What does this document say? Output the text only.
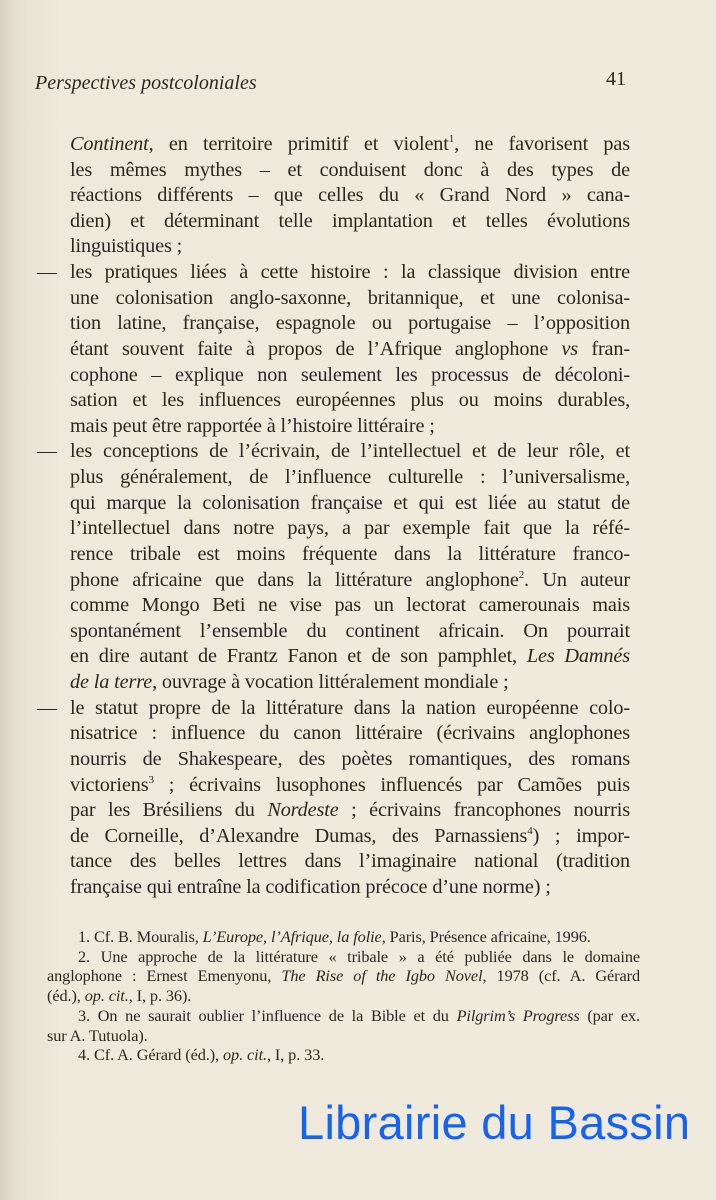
Perspectives postcoloniales	41
Continent, en territoire primitif et violent$^1$, ne favorisent pas
les mêmes mythes – et conduisent donc à des types de
réactions différents – que celles du « Grand Nord » cana-
dien) et déterminant telle implantation et telles évolutions
linguistiques ;
les pratiques liées à cette histoire : la classique division entre
—
une colonisation anglo-saxonne, britannique, et une colonisa-
tion latine, française, espagnole ou portugaise – l’opposition
étant souvent faite à propos de l’Afrique anglophone vs fran-
cophone – explique non seulement les processus de décoloni-
sation et les influences européennes plus ou moins durables,
mais peut être rapportée à l’histoire littéraire ;
les conceptions de l’écrivain, de l’intellectuel et de leur rôle, et
—
plus généralement, de l’influence culturelle : l’universalisme,
qui marque la colonisation française et qui est liée au statut de
l’intellectuel dans notre pays, a par exemple fait que la réfé-
rence tribale est moins fréquente dans la littérature franco-
phone africaine que dans la littérature anglophone$^2$. Un auteur
comme Mongo Beti ne vise pas un lectorat camerounais mais
spontanément l’ensemble du continent africain. On pourrait
en dire autant de Frantz Fanon et de son pamphlet, Les Damnés
de la terre, ouvrage à vocation littéralement mondiale ;
le statut propre de la littérature dans la nation européenne colo-
—
nisatrice : influence du canon littéraire (écrivains anglophones
nourris de Shakespeare, des poètes romantiques, des romans
victoriens$^3$ ; écrivains lusophones influencés par Camões puis
par les Brésiliens du Nordeste ; écrivains francophones nourris
de Corneille, d’Alexandre Dumas, des Parnassiens$^4$) ; impor-
tance des belles lettres dans l’imaginaire national (tradition
française qui entraîne la codification précoce d’une norme) ;
1. Cf. B. Mouralis, L’Europe, l’Afrique, la folie, Paris, Présence africaine, 1996.
2. Une approche de la littérature « tribale » a été publiée dans le domaine
anglophone : Ernest Emenyonu, The Rise of the Igbo Novel, 1978 (cf. A. Gérard
(éd.), op. cit., I, p. 36).
3. On ne saurait oublier l’influence de la Bible et du Pilgrim’s Progress (par ex.
sur A. Tutuola).
4. Cf. A. Gérard (éd.), op. cit., I, p. 33.
Librairie du Bassin
